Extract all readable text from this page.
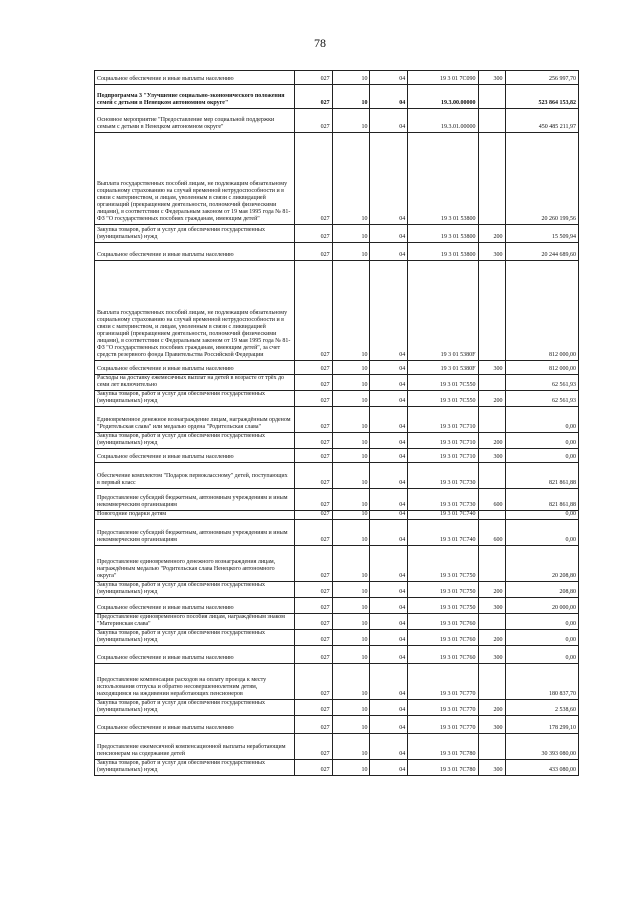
78
Социальное обеспечение и иные выплаты населению	027	10	04	19 3 01 7С090	300	256 997,70
Подпрограмма 3 "Улучшение социально-экономического положения семей с детьми в Ненецком автономном округе"	027	10	04	19.3.00.00000		523 864 153,82
Основное мероприятие "Предоставление мер социальной поддержки семьям с детьми в Ненецком автономном округе"	027	10	04	19.3.01.00000		450 485 211,97
Выплата государственных пособий лицам, не подлежащим обязательному социальному страхованию на случай временной нетрудоспособности и в связи с материнством, и лицам, уволенным в связи с ликвидацией организаций (прекращением деятельности, полномочий физическими лицами), в соответствии с Федеральным законом от 19 мая 1995 года № 81-ФЗ "О государственных пособиях гражданам, имеющим детей"	027	10	04	19 3 01 53800		20 260 199,56
Закупка товаров, работ и услуг для обеспечения государственных (муниципальных) нужд	027	10	04	19 3 01 53800	200	15 509,94
Социальное обеспечение и иные выплаты населению	027	10	04	19 3 01 53800	300	20 244 689,60
Выплата государственных пособий лицам, не подлежащим обязательному социальному страхованию на случай временной нетрудоспособности и в связи с материнством, и лицам, уволенным в связи с ликвидацией организаций (прекращением деятельности, полномочий физическими лицами), в соответствии с Федеральным законом от 19 мая 1995 года № 81-ФЗ "О государственных пособиях гражданам, имеющим детей", за счет средств резервного фонда Правительства Российской Федерации	027	10	04	19 3 01 5380F		812 000,00
Социальное обеспечение и иные выплаты населению	027	10	04	19 3 01 5380F	300	812 000,00
Расходы на доставку ежемесячных выплат на детей в возрасте от трёх до семи лет включительно	027	10	04	19 3 01 7С550		62 561,93
Закупка товаров, работ и услуг для обеспечения государственных (муниципальных) нужд	027	10	04	19 3 01 7С550	200	62 561,93
Единовременное денежное вознаграждение лицам, награждённым орденом "Родительская слава" или медалью ордена "Родительская слава"	027	10	04	19 3 01 7С710		0,00
Закупка товаров, работ и услуг для обеспечения государственных (муниципальных) нужд	027	10	04	19 3 01 7С710	200	0,00
Социальное обеспечение и иные выплаты населению	027	10	04	19 3 01 7С710	300	0,00
Обеспечение комплектом "Подарок первоклассному" детей, поступающих в первый класс	027	10	04	19 3 01 7С730		821 861,88
Предоставление субсидий бюджетным, автономным учреждениям и иным некоммерческим организациям	027	10	04	19 3 01 7С730	600	821 861,88
Новогодние подарки детям	027	10	04	19 3 01 7С740		0,00
Предоставление субсидий бюджетным, автономным учреждениям и иным некоммерческим организациям	027	10	04	19 3 01 7С740	600	0,00
Предоставление единовременного денежного вознаграждения лицам, награждённым медалью "Родительская слава Ненецкого автономного округа"	027	10	04	19 3 01 7С750		20 208,80
Закупка товаров, работ и услуг для обеспечения государственных (муниципальных) нужд	027	10	04	19 3 01 7С750	200	208,80
Социальное обеспечение и иные выплаты населению	027	10	04	19 3 01 7С750	300	20 000,00
Предоставление единовременного пособия лицам, награждённым знаком "Материнская слава"	027	10	04	19 3 01 7С760		0,00
Закупка товаров, работ и услуг для обеспечения государственных (муниципальных) нужд	027	10	04	19 3 01 7С760	200	0,00
Социальное обеспечение и иные выплаты населению	027	10	04	19 3 01 7С760	300	0,00
Предоставление компенсации расходов на оплату проезда к месту использования отпуска и обратно несовершеннолетним детям, находящимся на иждивении неработающих пенсионеров	027	10	04	19 3 01 7С770		180 837,70
Закупка товаров, работ и услуг для обеспечения государственных (муниципальных) нужд	027	10	04	19 3 01 7С770	200	2 538,60
Социальное обеспечение и иные выплаты населению	027	10	04	19 3 01 7С770	300	178 299,10
Предоставление ежемесячной компенсационной выплаты неработающим пенсионерам на содержание детей	027	10	04	19 3 01 7С780		30 393 080,00
Закупка товаров, работ и услуг для обеспечения государственных (муниципальных) нужд	027	10	04	19 3 01 7С780	300	433 080,00
